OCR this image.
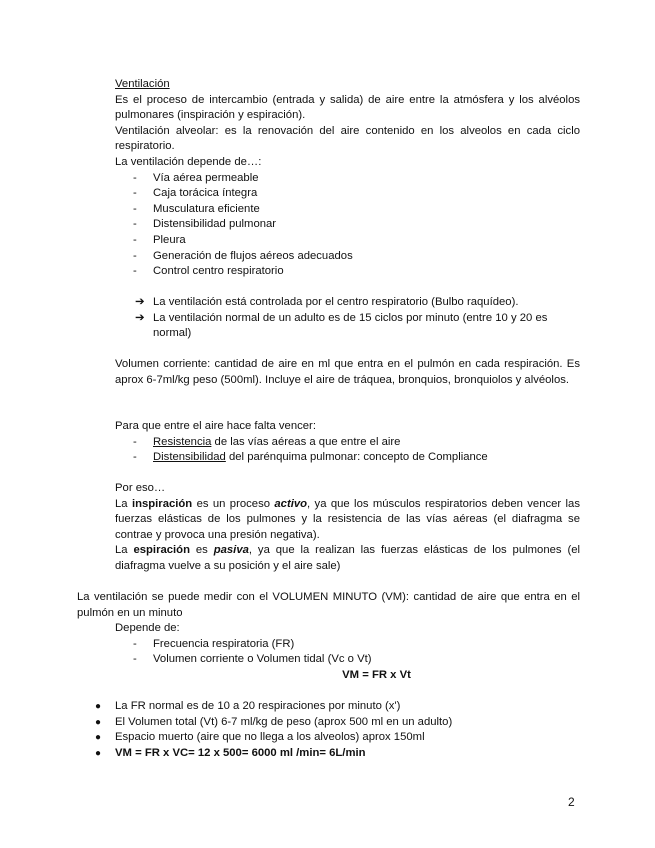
Ventilación

Es el proceso de intercambio (entrada y salida) de aire entre la atmósfera y los alvéolos pulmonares (inspiración y espiración).

Ventilación alveolar: es la renovación del aire contenido en los alveolos en cada ciclo respiratorio.

La ventilación depende de…:

- Vía aérea permeable
- Caja torácica íntegra
- Musculatura eficiente
- Distensibilidad pulmonar
- Pleura
- Generación de flujos aéreos adecuados
- Control centro respiratorio
➔ La ventilación está controlada por el centro respiratorio (Bulbo raquídeo).
➔ La ventilación normal de un adulto es de 15 ciclos por minuto (entre 10 y 20 es normal)

Volumen corriente: cantidad de aire en ml que entra en el pulmón en cada respiración. Es aprox 6-7ml/kg peso (500ml). Incluye el aire de tráquea, bronquios, bronquiolos y alvéolos.

Para que entre el aire hace falta vencer:

- Resistencia de las vías aéreas a que entre el aire
- Distensibilidad del parénquima pulmonar: concepto de Compliance

Por eso…

La inspiración es un proceso activo, ya que los músculos respiratorios deben vencer las fuerzas elásticas de los pulmones y la resistencia de las vías aéreas (el diafragma se contrae y provoca una presión negativa).

La espiración es pasiva, ya que la realizan las fuerzas elásticas de los pulmones (el diafragma vuelve a su posición y el aire sale)

La ventilación se puede medir con el VOLUMEN MINUTO (VM): cantidad de aire que entra en el pulmón en un minuto

Depende de:

- Frecuencia respiratoria (FR)
- Volumen corriente o Volumen tidal (Vc o Vt)

VM = FR x Vt

● La FR normal es de 10 a 20 respiraciones por minuto (x')
● El Volumen total (Vt) 6-7 ml/kg de peso (aprox 500 ml en un adulto)
● Espacio muerto (aire que no llega a los alveolos) aprox 150ml
● VM = FR x VC= 12 x 500= 6000 ml /min= 6L/min
2
